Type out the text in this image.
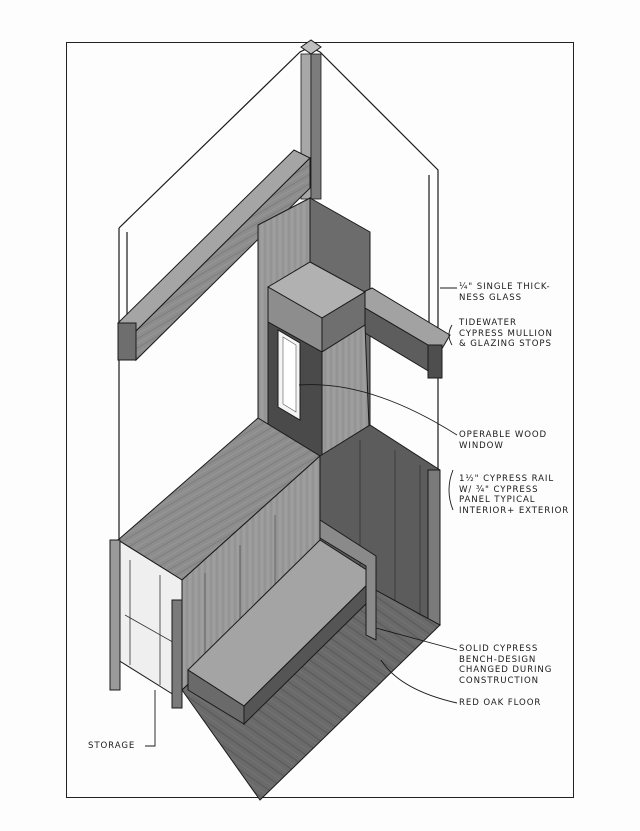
¼" SINGLE THICK-
NESS GLASS
TIDEWATER
CYPRESS MULLION
& GLAZING STOPS
OPERABLE WOOD
WINDOW
1½" CYPRESS RAIL
W/ ¾" CYPRESS
PANEL TYPICAL
INTERIOR+ EXTERIOR
SOLID CYPRESS
BENCH-DESIGN
CHANGED DURING
CONSTRUCTION
RED OAK FLOOR
STORAGE
